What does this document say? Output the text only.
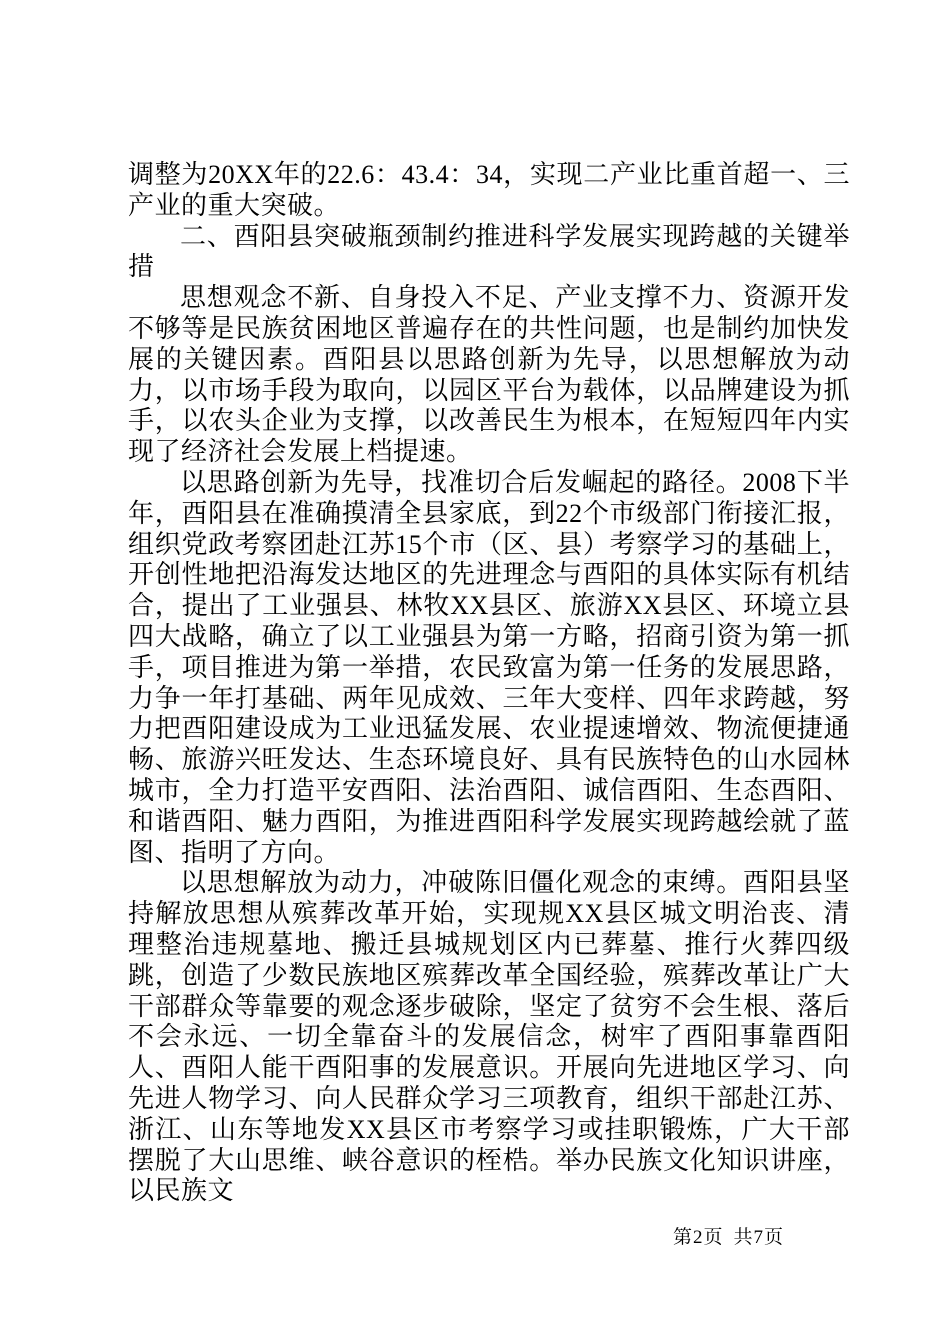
调整为20XX年的22.6：43.4：34，实现二产业比重首超一、三产业的重大突破。

二、酉阳县突破瓶颈制约推进科学发展实现跨越的关键举措

思想观念不新、自身投入不足、产业支撑不力、资源开发不够等是民族贫困地区普遍存在的共性问题，也是制约加快发展的关键因素。酉阳县以思路创新为先导，以思想解放为动力，以市场手段为取向，以园区平台为载体，以品牌建设为抓手，以农头企业为支撑，以改善民生为根本，在短短四年内实现了经济社会发展上档提速。

以思路创新为先导，找准切合后发崛起的路径。2008下半年，酉阳县在准确摸清全县家底，到22个市级部门衔接汇报，组织党政考察团赴江苏15个市（区、县）考察学习的基础上，开创性地把沿海发达地区的先进理念与酉阳的具体实际有机结合，提出了工业强县、林牧XX县区、旅游XX县区、环境立县四大战略，确立了以工业强县为第一方略，招商引资为第一抓手，项目推进为第一举措，农民致富为第一任务的发展思路，力争一年打基础、两年见成效、三年大变样、四年求跨越，努力把酉阳建设成为工业迅猛发展、农业提速增效、物流便捷通畅、旅游兴旺发达、生态环境良好、具有民族特色的山水园林城市，全力打造平安酉阳、法治酉阳、诚信酉阳、生态酉阳、和谐酉阳、魅力酉阳，为推进酉阳科学发展实现跨越绘就了蓝图、指明了方向。

以思想解放为动力，冲破陈旧僵化观念的束缚。酉阳县坚持解放思想从殡葬改革开始，实现规XX县区城文明治丧、清理整治违规墓地、搬迁县城规划区内已葬墓、推行火葬四级跳，创造了少数民族地区殡葬改革全国经验，殡葬改革让广大干部群众等靠要的观念逐步破除，坚定了贫穷不会生根、落后不会永远、一切全靠奋斗的发展信念，树牢了酉阳事靠酉阳人、酉阳人能干酉阳事的发展意识。开展向先进地区学习、向先进人物学习、向人民群众学习三项教育，组织干部赴江苏、浙江、山东等地发XX县区市考察学习或挂职锻炼，广大干部摆脱了大山思维、峡谷意识的桎梏。举办民族文化知识讲座，以民族文

第2页 共7页
